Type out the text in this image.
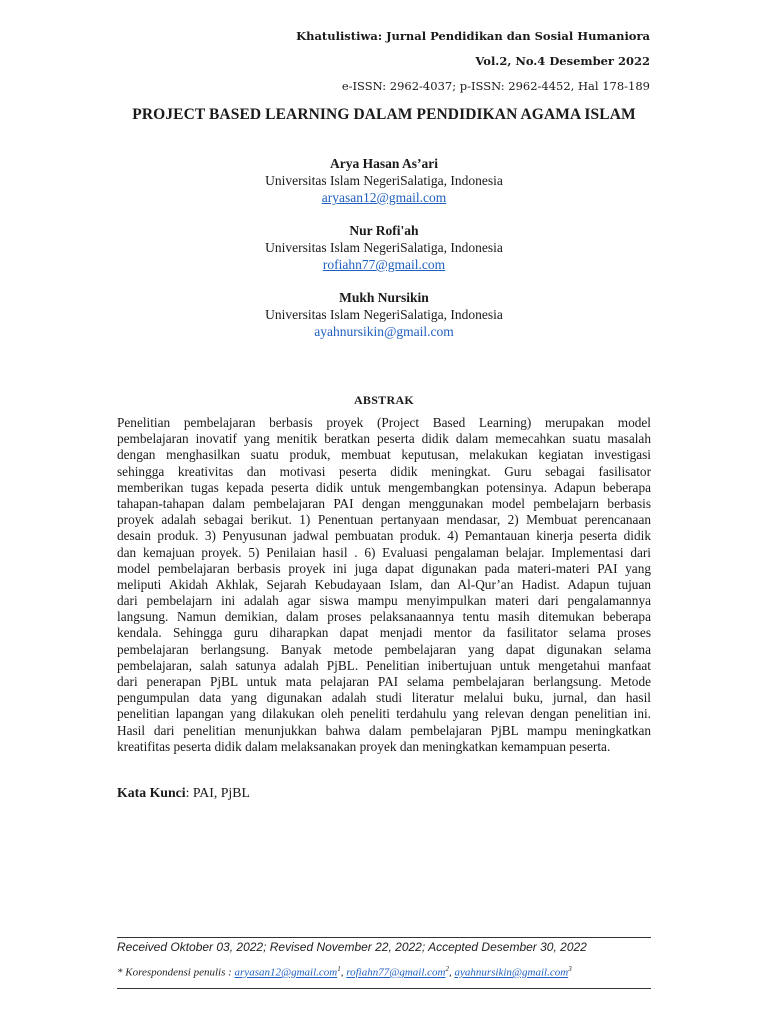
Khatulistiwa: Jurnal Pendidikan dan Sosial Humaniora
Vol.2, No.4 Desember 2022
e-ISSN: 2962-4037; p-ISSN: 2962-4452, Hal 178-189
PROJECT BASED LEARNING DALAM PENDIDIKAN AGAMA ISLAM
Arya Hasan As’ari
Universitas Islam NegeriSalatiga, Indonesia
aryasan12@gmail.com
Nur Rofi'ah
Universitas Islam NegeriSalatiga, Indonesia
rofiahn77@gmail.com
Mukh Nursikin
Universitas Islam NegeriSalatiga, Indonesia
ayahnursikin@gmail.com
ABSTRAK
Penelitian pembelajaran berbasis proyek (Project Based Learning) merupakan model
pembelajaran inovatif yang menitik beratkan peserta didik dalam memecahkan suatu masalah
dengan menghasilkan suatu produk, membuat keputusan, melakukan kegiatan investigasi
sehingga kreativitas dan motivasi peserta didik meningkat. Guru sebagai fasilisator
memberikan tugas kepada peserta didik untuk mengembangkan potensinya. Adapun beberapa
tahapan-tahapan dalam pembelajaran PAI dengan menggunakan model pembelajarn berbasis
proyek adalah sebagai berikut. 1) Penentuan pertanyaan mendasar, 2) Membuat perencanaan
desain produk. 3) Penyusunan jadwal pembuatan produk. 4) Pemantauan kinerja peserta didik
dan kemajuan proyek. 5) Penilaian hasil . 6) Evaluasi pengalaman belajar. Implementasi dari
model pembelajaran berbasis proyek ini juga dapat digunakan pada materi-materi PAI yang
meliputi Akidah Akhlak, Sejarah Kebudayaan Islam, dan Al-Qur’an Hadist. Adapun tujuan
dari pembelajarn ini adalah agar siswa mampu menyimpulkan materi dari pengalamannya
langsung. Namun demikian, dalam proses pelaksanaannya tentu masih ditemukan beberapa
kendala. Sehingga guru diharapkan dapat menjadi mentor da fasilitator selama proses
pembelajaran berlangsung. Banyak metode pembelajaran yang dapat digunakan selama
pembelajaran, salah satunya adalah PjBL. Penelitian inibertujuan untuk mengetahui manfaat
dari penerapan PjBL untuk mata pelajaran PAI selama pembelajaran berlangsung. Metode
pengumpulan data yang digunakan adalah studi literatur melalui buku, jurnal, dan hasil
penelitian lapangan yang dilakukan oleh peneliti terdahulu yang relevan dengan penelitian ini.
Hasil dari penelitian menunjukkan bahwa dalam pembelajaran PjBL mampu meningkatkan
kreatifitas peserta didik dalam melaksanakan proyek dan meningkatkan kemampuan peserta.
Kata Kunci: PAI, PjBL
Received Oktober 03, 2022; Revised November 22, 2022; Accepted Desember 30, 2022
* Korespondensi penulis : aryasan12@gmail.com$^1$, rofiahn77@gmail.com$^2$, ayahnursikin@gmail.com$^3$
